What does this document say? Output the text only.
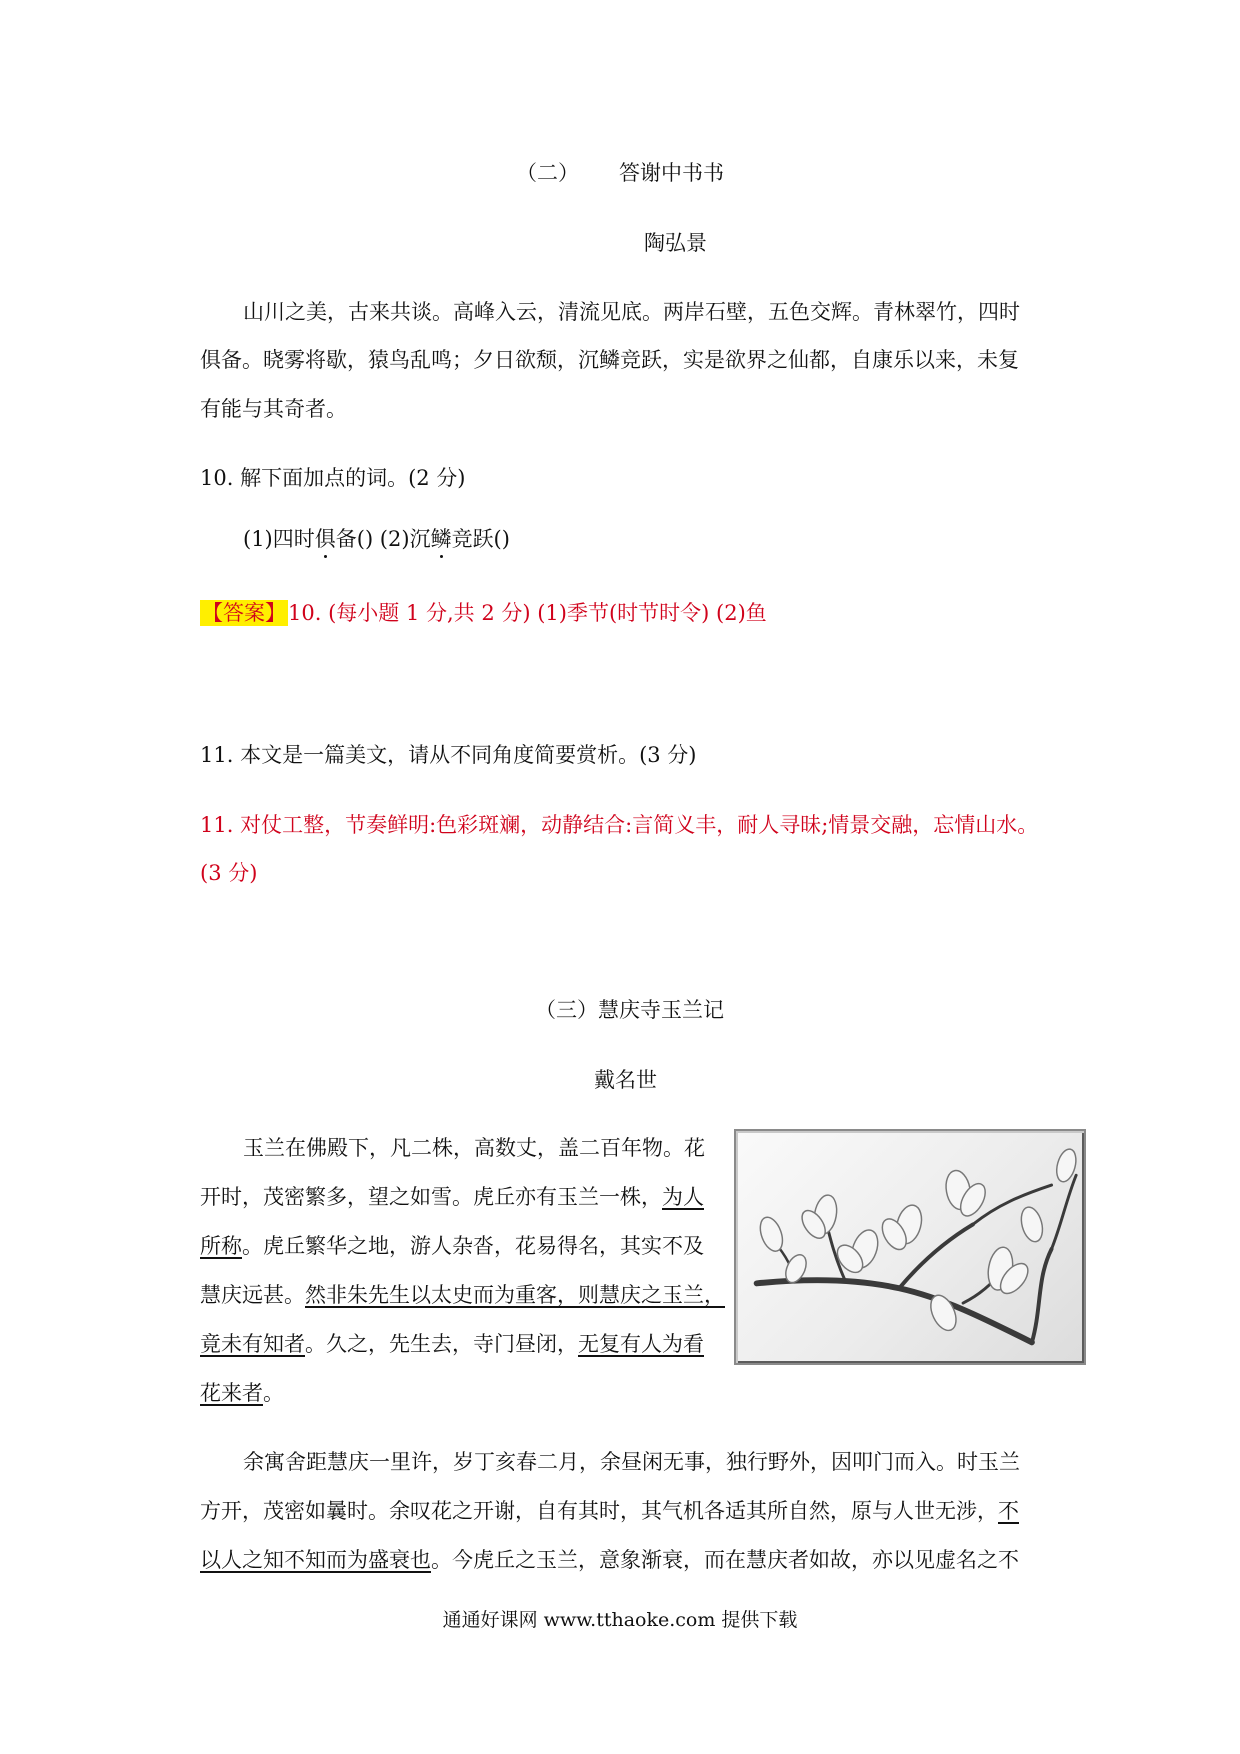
（二） 答谢中书书
陶弘景
山川之美，古来共谈。高峰入云，清流见底。两岸石壁，五色交辉。青林翠竹，四时
俱备。晓雾将歇，猿鸟乱鸣；夕日欲颓，沉鳞竞跃，实是欲界之仙都，自康乐以来，未复
有能与其奇者。
10. 解下面加点的词。(2 分)
(1)四时俱备() (2)沉鳞竞跃()
【答案】10. (每小题 1 分,共 2 分) (1)季节(时节时令) (2)鱼
11. 本文是一篇美文，请从不同角度简要赏析。(3 分)
11. 对仗工整，节奏鲜明:色彩斑斓，动静结合:言简义丰，耐人寻昧;情景交融，忘情山水。
(3 分)
（三）慧庆寺玉兰记
戴名世
玉兰在佛殿下，凡二株，高数丈，盖二百年物。花
开时，茂密繁多，望之如雪。虎丘亦有玉兰一株，为人
所称。虎丘繁华之地，游人杂沓，花易得名，其实不及
慧庆远甚。然非朱先生以太史而为重客，则慧庆之玉兰，
竟未有知者。久之，先生去，寺门昼闭，无复有人为看
花来者。
余寓舍距慧庆一里许，岁丁亥春二月，余昼闲无事，独行野外，因叩门而入。时玉兰
方开，茂密如曩时。余叹花之开谢，自有其时，其气机各适其所自然，原与人世无涉，不
以人之知不知而为盛衰也。今虎丘之玉兰，意象渐衰，而在慧庆者如故，亦以见虚名之不
通通好课网 www.tthaoke.com 提供下载
